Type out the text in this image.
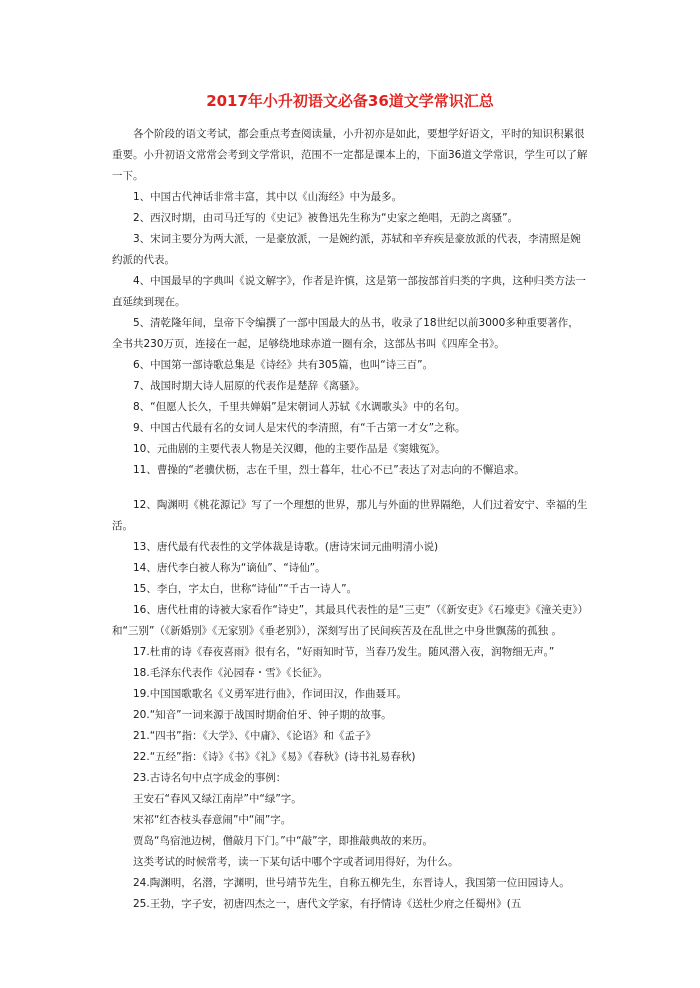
2017年小升初语文必备36道文学常识汇总

各个阶段的语文考试，都会重点考查阅读量，小升初亦是如此，要想学好语文，平时的知识积累很重要。小升初语文常常会考到文学常识，范围不一定都是课本上的，下面36道文学常识，学生可以了解一下。

1、中国古代神话非常丰富，其中以《山海经》中为最多。

2、西汉时期，由司马迁写的《史记》被鲁迅先生称为“史家之绝唱，无韵之离骚”。

3、宋词主要分为两大派，一是豪放派，一是婉约派，苏轼和辛弃疾是豪放派的代表，李清照是婉约派的代表。

4、中国最早的字典叫《说文解字》，作者是许慎，这是第一部按部首归类的字典，这种归类方法一直延续到现在。

5、清乾隆年间，皇帝下令编撰了一部中国最大的丛书，收录了18世纪以前3000多种重要著作，全书共230万页，连接在一起，足够绕地球赤道一圈有余，这部丛书叫《四库全书》。

6、中国第一部诗歌总集是《诗经》共有305篇，也叫“诗三百”。

7、战国时期大诗人屈原的代表作是楚辞《离骚》。

8、“但愿人长久，千里共婵娟”是宋朝词人苏轼《水调歌头》中的名句。

9、中国古代最有名的女词人是宋代的李清照，有“千古第一才女”之称。

10、元曲剧的主要代表人物是关汉卿，他的主要作品是《窦娥冤》。

11、曹操的“老骥伏枥，志在千里，烈士暮年，壮心不已”表达了对志向的不懈追求。

12、陶渊明《桃花源记》写了一个理想的世界，那儿与外面的世界隔绝，人们过着安宁、幸福的生活。

13、唐代最有代表性的文学体裁是诗歌。(唐诗宋词元曲明清小说)

14、唐代李白被人称为“谪仙”、“诗仙”。

15、李白，字太白，世称“诗仙”“千古一诗人”。

16、唐代杜甫的诗被大家看作“诗史”，其最具代表性的是“三吏”（《新安吏》《石壕吏》《潼关吏》）和“三别”（《新婚别》《无家别》《垂老别》），深刻写出了民间疾苦及在乱世之中身世飘荡的孤独 。

17.杜甫的诗《春夜喜雨》很有名，“好雨知时节，当春乃发生。随风潜入夜，润物细无声。”

18.毛泽东代表作《沁园春・雪》《长征》。

19.中国国歌歌名《义勇军进行曲》，作词田汉，作曲聂耳。

20.“知音”一词来源于战国时期俞伯牙、钟子期的故事。

21.“四书”指：《大学》、《中庸》、《论语》和《孟子》

22.“五经”指：《诗》《书》《礼》《易》《春秋》(诗书礼易春秋)

23.古诗名句中点字成金的事例：

王安石“春风又绿江南岸”中“绿”字。

宋祁“红杏枝头春意闹”中“闹”字。

贾岛“鸟宿池边树，僧敲月下门。”中“敲”字，即推敲典故的来历。

这类考试的时候常考，读一下某句话中哪个字或者词用得好，为什么。

24.陶渊明，名潜，字渊明，世号靖节先生，自称五柳先生，东晋诗人，我国第一位田园诗人。

25.王勃，字子安，初唐四杰之一，唐代文学家，有抒情诗《送杜少府之任蜀州》(五
